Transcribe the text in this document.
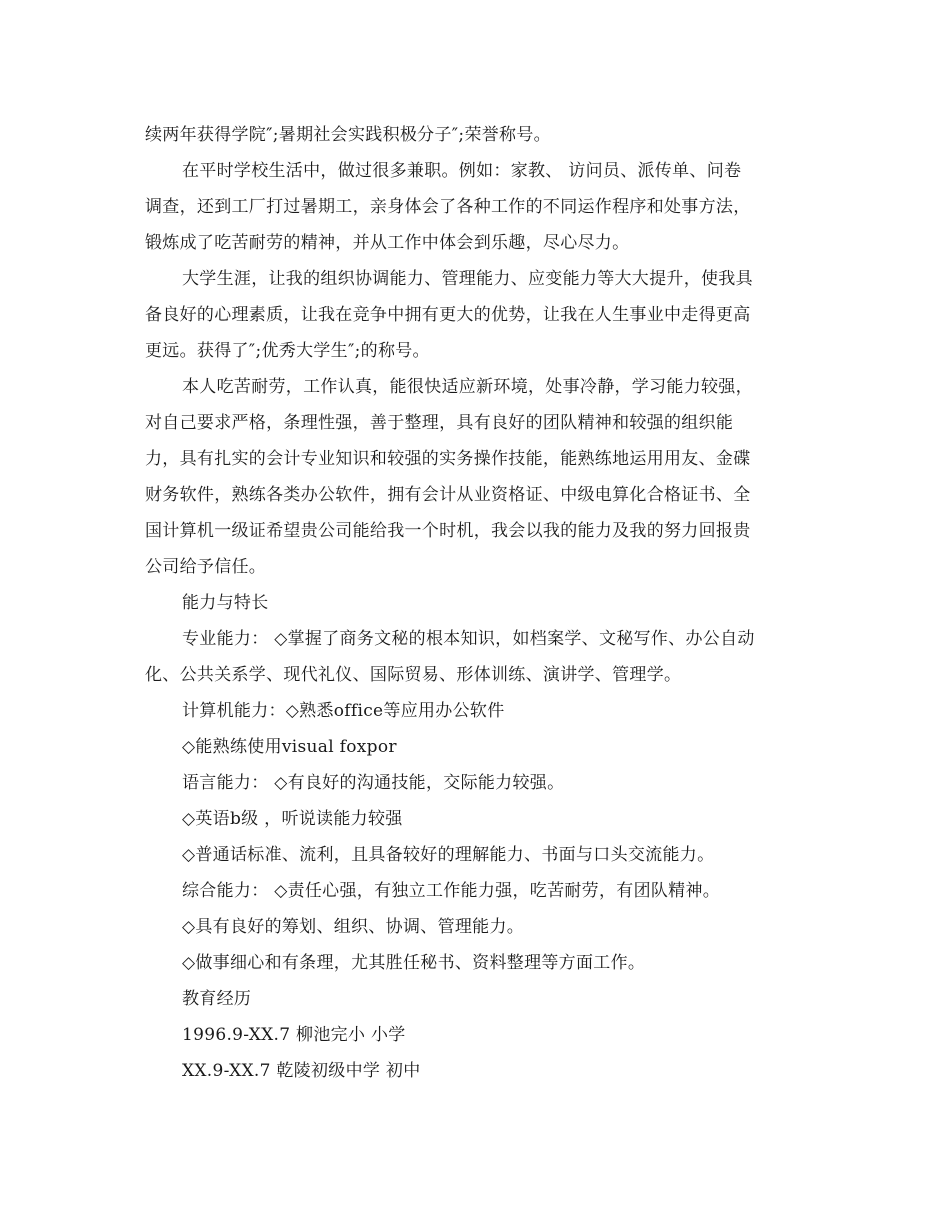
续两年获得学院″;暑期社会实践积极分子″;荣誉称号。
在平时学校生活中，做过很多兼职。例如：家教、 访问员、派传单、问卷
调查，还到工厂打过暑期工，亲身体会了各种工作的不同运作程序和处事方法，
锻炼成了吃苦耐劳的精神，并从工作中体会到乐趣，尽心尽力。
大学生涯，让我的组织协调能力、管理能力、应变能力等大大提升，使我具
备良好的心理素质，让我在竞争中拥有更大的优势，让我在人生事业中走得更高
更远。获得了″;优秀大学生″;的称号。
本人吃苦耐劳，工作认真，能很快适应新环境，处事冷静，学习能力较强，
对自己要求严格，条理性强，善于整理，具有良好的团队精神和较强的组织能
力，具有扎实的会计专业知识和较强的实务操作技能，能熟练地运用用友、金碟
财务软件，熟练各类办公软件，拥有会计从业资格证、中级电算化合格证书、全
国计算机一级证希望贵公司能给我一个时机，我会以我的能力及我的努力回报贵
公司给予信任。
能力与特长
专业能力： ◇掌握了商务文秘的根本知识，如档案学、文秘写作、办公自动
化、公共关系学、现代礼仪、国际贸易、形体训练、演讲学、管理学。
计算机能力：◇熟悉office等应用办公软件
◇能熟练使用visual foxpor
语言能力： ◇有良好的沟通技能，交际能力较强。
◇英语b级 ，听说读能力较强
◇普通话标准、流利，且具备较好的理解能力、书面与口头交流能力。
综合能力： ◇责任心强，有独立工作能力强，吃苦耐劳，有团队精神。
◇具有良好的筹划、组织、协调、管理能力。
◇做事细心和有条理，尤其胜任秘书、资料整理等方面工作。
教育经历
1996.9-XX.7 柳池完小 小学
XX.9-XX.7 乾陵初级中学 初中
